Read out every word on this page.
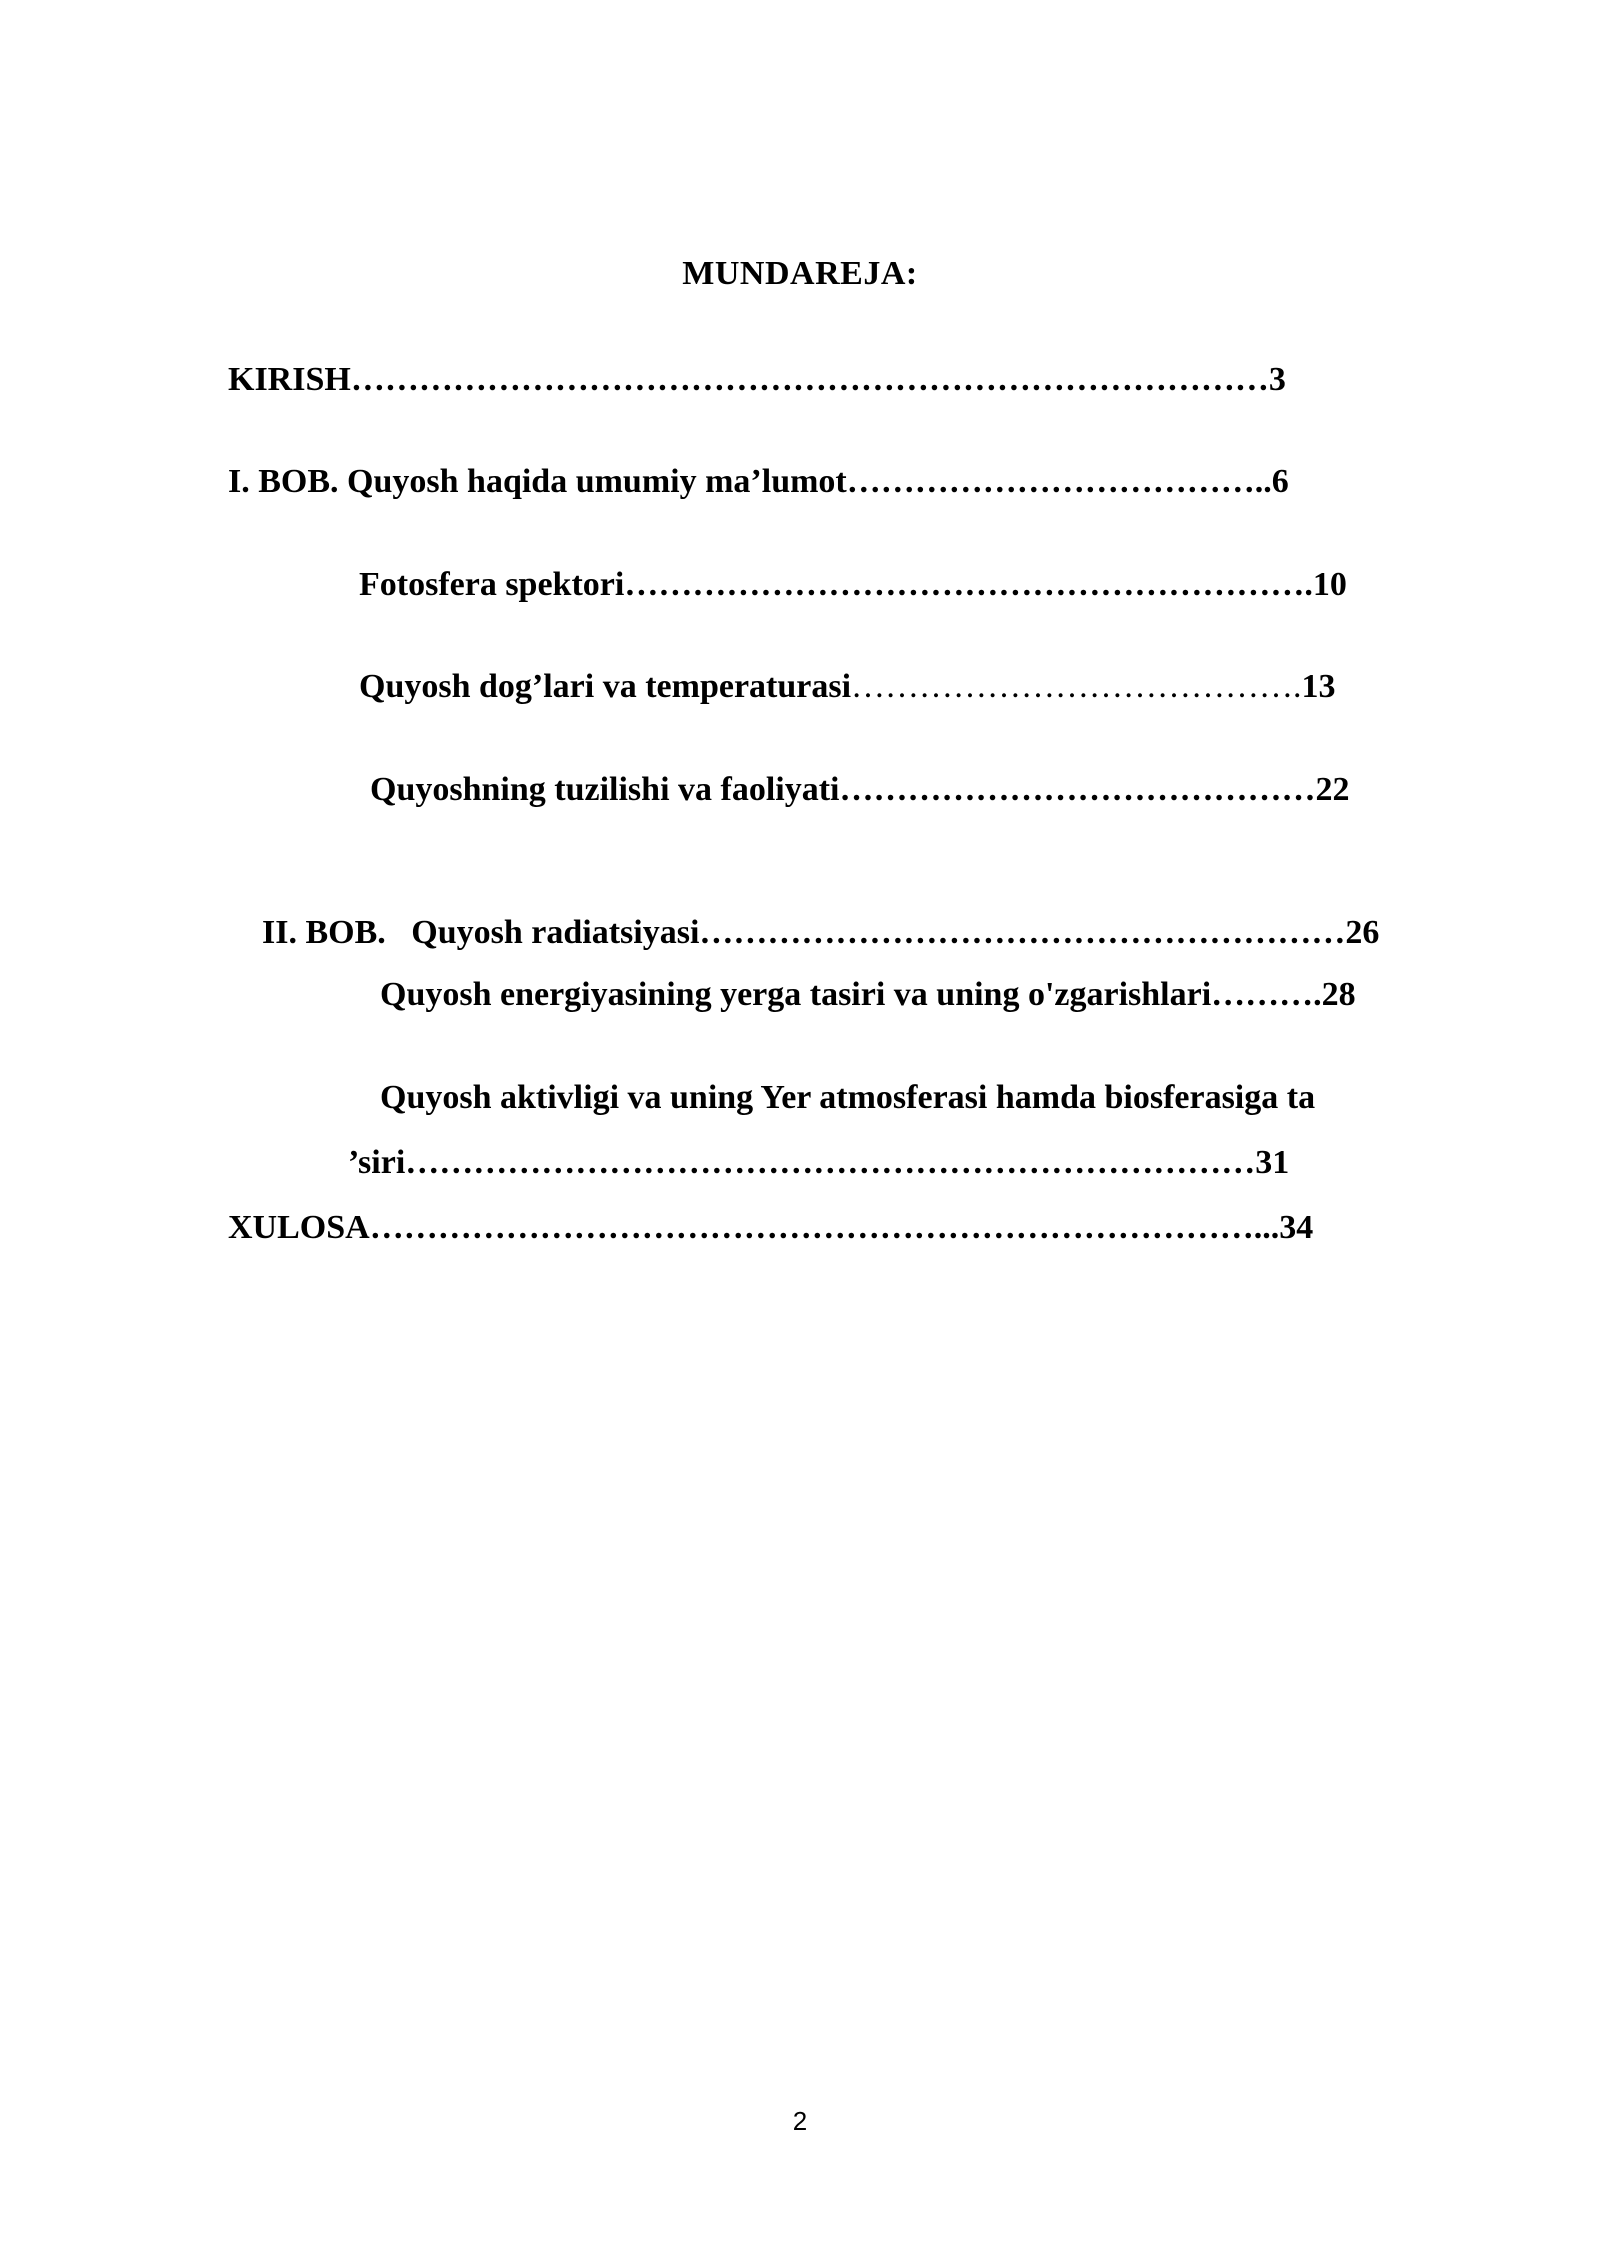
MUNDAREJA:
KIRISH………………………………………………………………………3
I. BOB. Quyosh haqida umumiy ma’lumot………………………………..6
Fotosfera spektori…………………………………………………….10
Quyosh dog’lari va temperaturasi………………………………….13
Quyoshning tuzilishi va faoliyati……………………………………22

II. BOB.   Quyosh radiatsiyasi…………………………………………………26

Quyosh energiyasining yerga tasiri va uning o'zgarishlari……….28
Quyosh aktivligi va uning Yer atmosferasi hamda biosferasiga ta
’siri…………………………………………………………………31
XULOSA……………………………………………………………………...34
2
